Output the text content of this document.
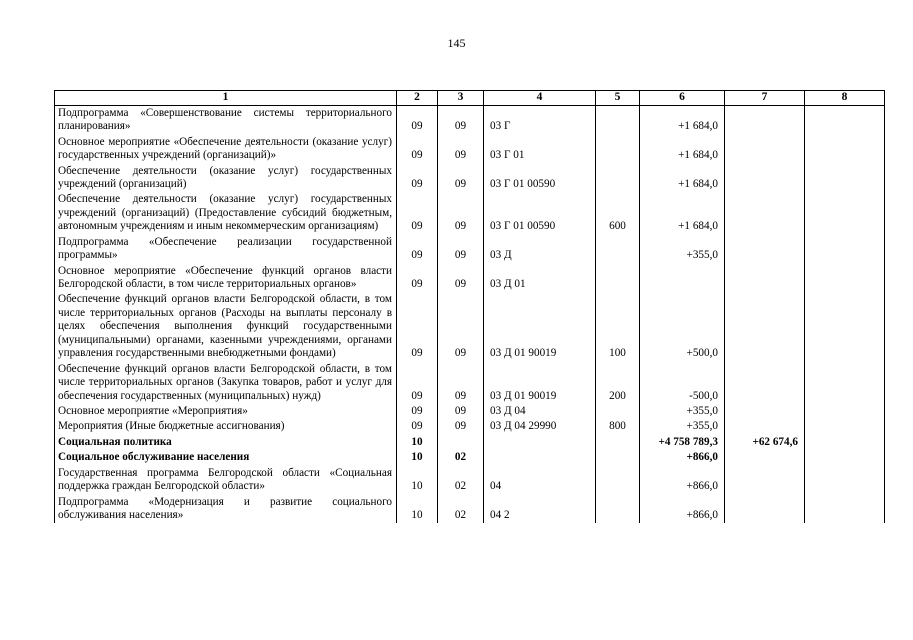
145
1	2	3	4	5	6	7	8
Подпрограмма «Совершенствование системы территориального планирования»	09	09	03 Г		+1 684,0		
Основное мероприятие «Обеспечение деятельности (оказание услуг) государственных учреждений (организаций)»	09	09	03 Г 01		+1 684,0		
Обеспечение деятельности (оказание услуг) государственных учреждений (организаций)	09	09	03 Г 01 00590		+1 684,0		
Обеспечение деятельности (оказание услуг) государственных учреждений (организаций) (Предоставление субсидий бюджетным, автономным учреждениям и иным некоммерческим организациям)	09	09	03 Г 01 00590	600	+1 684,0		
Подпрограмма «Обеспечение реализации государственной программы»	09	09	03 Д		+355,0		
Основное мероприятие «Обеспечение функций органов власти Белгородской области, в том числе территориальных органов»	09	09	03 Д 01				
Обеспечение функций органов власти Белгородской области, в том числе территориальных органов (Расходы на выплаты персоналу в целях обеспечения выполнения функций государственными (муниципальными) органами, казенными учреждениями, органами управления государственными внебюджетными фондами)	09	09	03 Д 01 90019	100	+500,0		
Обеспечение функций органов власти Белгородской области, в том числе территориальных органов (Закупка товаров, работ и услуг для обеспечения государственных (муниципальных) нужд)	09	09	03 Д 01 90019	200	-500,0		
Основное мероприятие «Мероприятия»	09	09	03 Д 04		+355,0		
Мероприятия (Иные бюджетные ассигнования)	09	09	03 Д 04 29990	800	+355,0		
Социальная политика	10				+4 758 789,3	+62 674,6	
Социальное обслуживание населения	10	02			+866,0		
Государственная программа Белгородской области «Социальная поддержка граждан Белгородской области»	10	02	04		+866,0		
Подпрограмма «Модернизация и развитие социального обслуживания населения»	10	02	04 2		+866,0		
